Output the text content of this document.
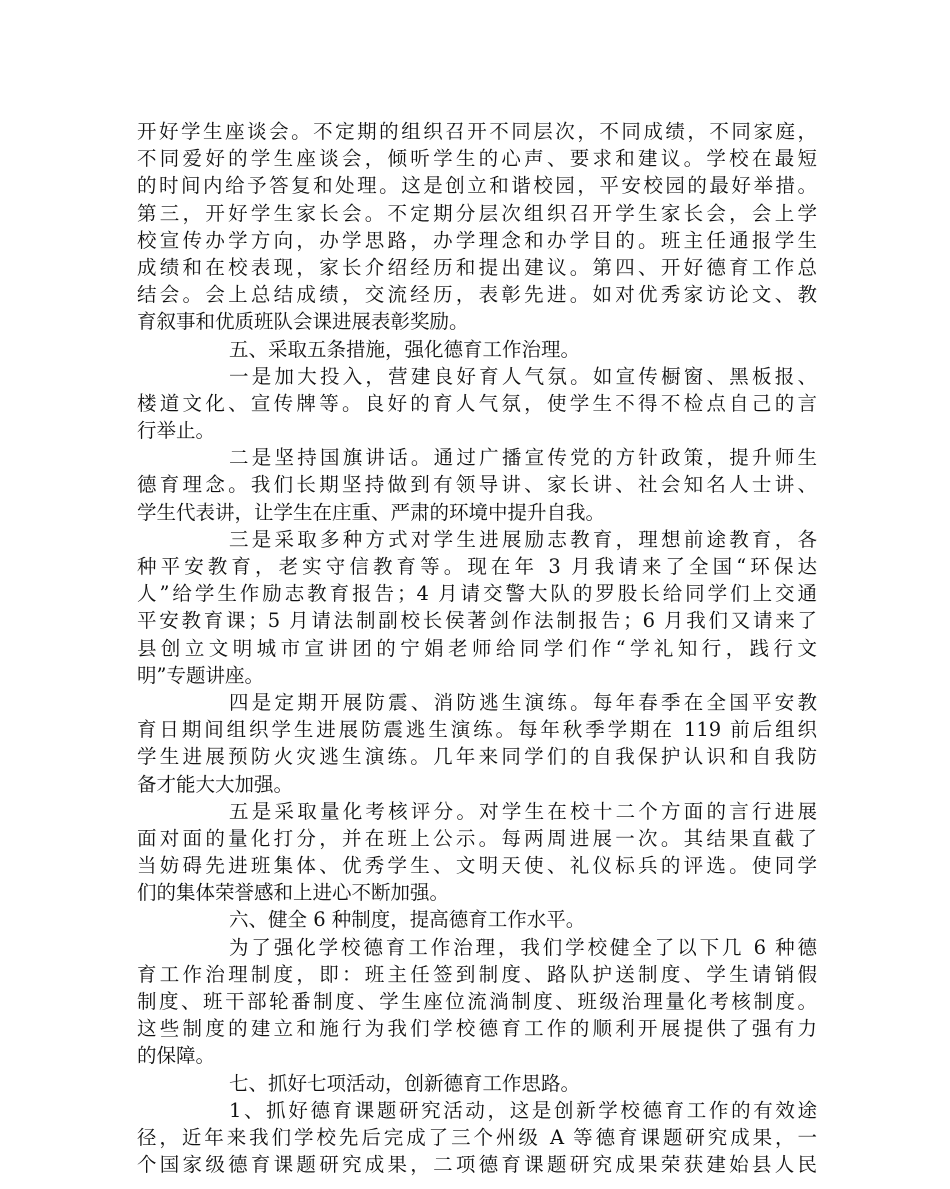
开好学生座谈会。不定期的组织召开不同层次，不同成绩，不同家庭，
不同爱好的学生座谈会，倾听学生的心声、要求和建议。学校在最短
的时间内给予答复和处理。这是创立和谐校园，平安校园的最好举措。
第三，开好学生家长会。不定期分层次组织召开学生家长会，会上学
校宣传办学方向，办学思路，办学理念和办学目的。班主任通报学生
成绩和在校表现，家长介绍经历和提出建议。第四、开好德育工作总
结会。会上总结成绩，交流经历，表彰先进。如对优秀家访论文、教
育叙事和优质班队会课进展表彰奖励。
五、采取五条措施，强化德育工作治理。
一是加大投入，营建良好育人气氛。如宣传橱窗、黑板报、
楼道文化、宣传牌等。良好的育人气氛，使学生不得不检点自己的言
行举止。
二是坚持国旗讲话。通过广播宣传党的方针政策，提升师生
德育理念。我们长期坚持做到有领导讲、家长讲、社会知名人士讲、
学生代表讲，让学生在庄重、严肃的环境中提升自我。
三是采取多种方式对学生进展励志教育，理想前途教育，各
种平安教育，老实守信教育等。现在年 3 月我请来了全国“环保达
人”给学生作励志教育报告；4 月请交警大队的罗股长给同学们上交通
平安教育课；5 月请法制副校长侯著剑作法制报告；6 月我们又请来了
县创立文明城市宣讲团的宁娟老师给同学们作“学礼知行，践行文
明”专题讲座。
四是定期开展防震、消防逃生演练。每年春季在全国平安教
育日期间组织学生进展防震逃生演练。每年秋季学期在 119 前后组织
学生进展预防火灾逃生演练。几年来同学们的自我保护认识和自我防
备才能大大加强。
五是采取量化考核评分。对学生在校十二个方面的言行进展
面对面的量化打分，并在班上公示。每两周进展一次。其结果直截了
当妨碍先进班集体、优秀学生、文明天使、礼仪标兵的评选。使同学
们的集体荣誉感和上进心不断加强。
六、健全 6 种制度，提高德育工作水平。
为了强化学校德育工作治理，我们学校健全了以下几 6 种德
育工作治理制度，即：班主任签到制度、路队护送制度、学生请销假
制度、班干部轮番制度、学生座位流淌制度、班级治理量化考核制度。
这些制度的建立和施行为我们学校德育工作的顺利开展提供了强有力
的保障。
七、抓好七项活动，创新德育工作思路。
1、抓好德育课题研究活动，这是创新学校德育工作的有效途
径，近年来我们学校先后完成了三个州级 A 等德育课题研究成果，一
个国家级德育课题研究成果，二项德育课题研究成果荣获建始县人民
